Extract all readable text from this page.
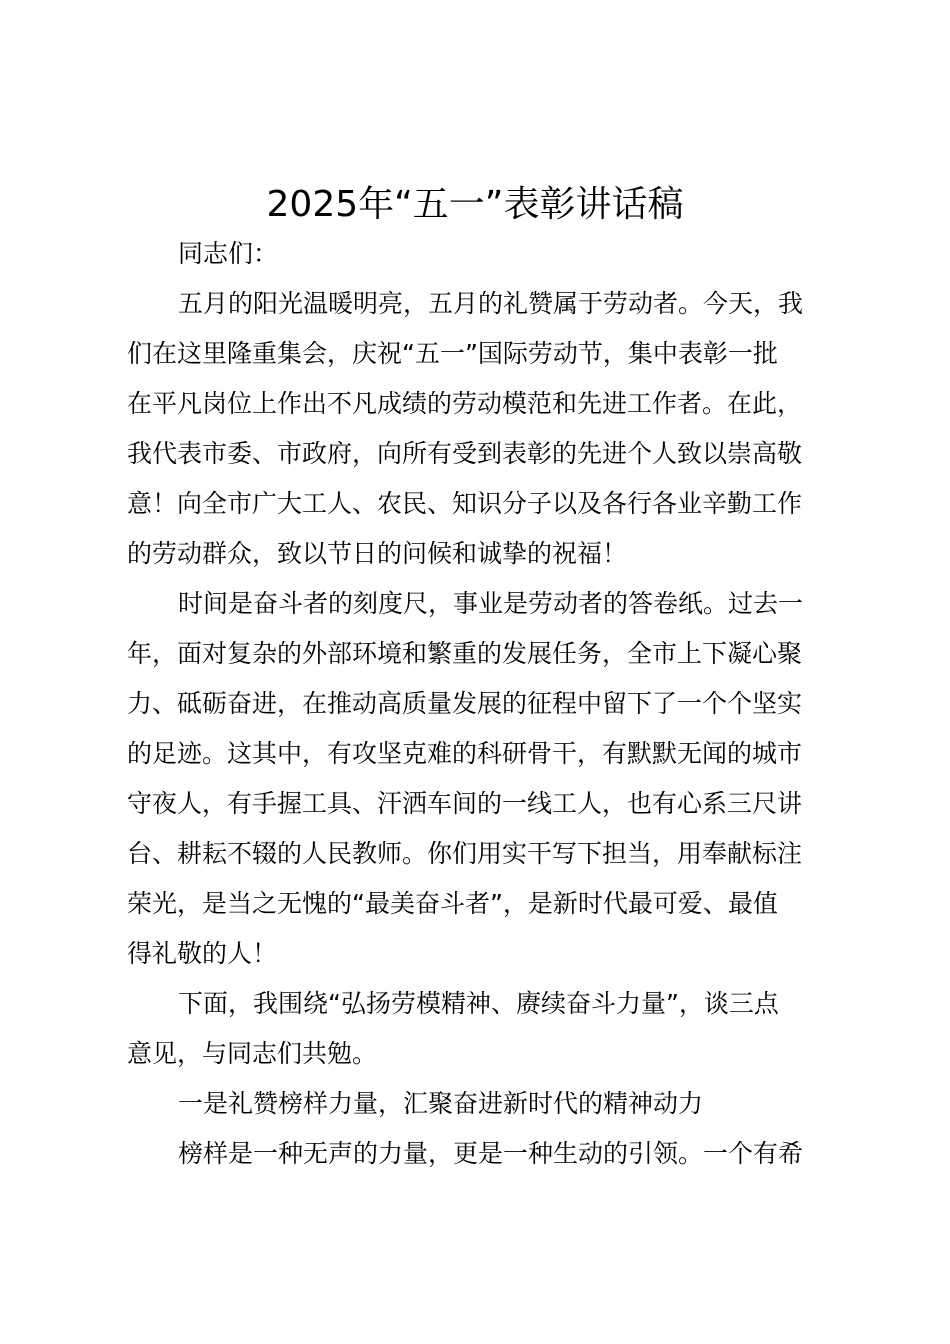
2025年“五一”表彰讲话稿
同志们：
五月的阳光温暖明亮，五月的礼赞属于劳动者。今天，我
们在这里隆重集会，庆祝“五一”国际劳动节，集中表彰一批
在平凡岗位上作出不凡成绩的劳动模范和先进工作者。在此，
我代表市委、市政府，向所有受到表彰的先进个人致以崇高敬
意！向全市广大工人、农民、知识分子以及各行各业辛勤工作
的劳动群众，致以节日的问候和诚挚的祝福！
时间是奋斗者的刻度尺，事业是劳动者的答卷纸。过去一
年，面对复杂的外部环境和繁重的发展任务，全市上下凝心聚
力、砥砺奋进，在推动高质量发展的征程中留下了一个个坚实
的足迹。这其中，有攻坚克难的科研骨干，有默默无闻的城市
守夜人，有手握工具、汗洒车间的一线工人，也有心系三尺讲
台、耕耘不辍的人民教师。你们用实干写下担当，用奉献标注
荣光，是当之无愧的“最美奋斗者”，是新时代最可爱、最值
得礼敬的人！
下面，我围绕“弘扬劳模精神、赓续奋斗力量”，谈三点
意见，与同志们共勉。
一是礼赞榜样力量，汇聚奋进新时代的精神动力
榜样是一种无声的力量，更是一种生动的引领。一个有希
